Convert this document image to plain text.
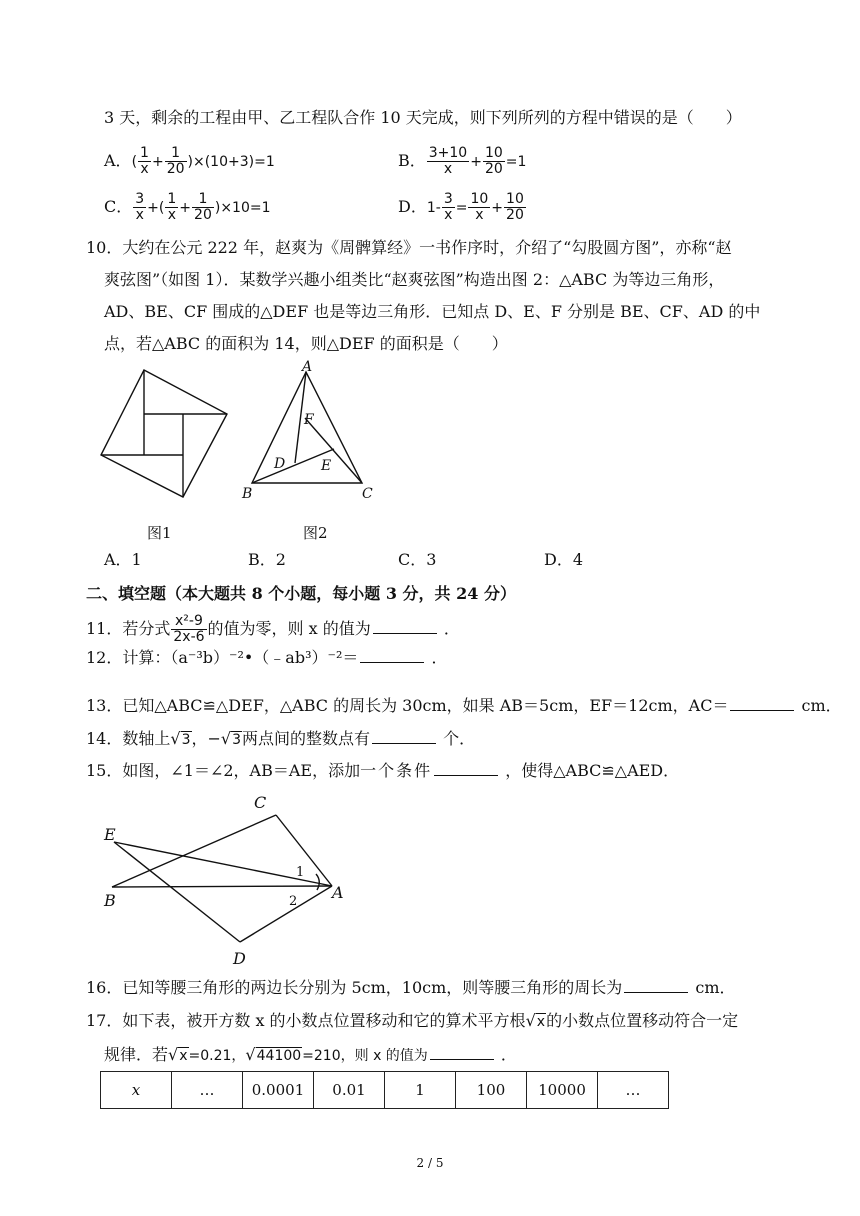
3 天，剩余的工程由甲、乙工程队合作 10 天完成，则下列所列的方程中错误的是（　　）
A．( $\frac{1}{x} + \frac{1}{20} )\times(10+3)=1$	B． $\frac{3+10}{x} + \frac{10}{20} =1$
C． $\frac{3}{x}$ +( $\frac{1}{x} + \frac{1}{20} )\times 10=1$	D．$1- \frac{3}{x} = \frac{10}{x} + \frac{10}{20}$
10．大约在公元 222 年，赵爽为《周髀算经》一书作序时，介绍了“勾股圆方图”，亦称“赵
爽弦图”（如图 1）．某数学兴趣小组类比“赵爽弦图”构造出图 2：△ABC 为等边三角形，
AD、BE、CF 围成的△DEF 也是等边三角形．已知点 D、E、F 分别是 BE、CF、AD 的中
点，若△ABC 的面积为 14，则△DEF 的面积是（　　）
图1
A
B	C
D	E
F
图2
A．1	B．2	C．3	D．4
二、填空题（本大题共 8 个小题，每小题 3 分，共 24 分）
11．若分式 $\frac{\text{x²-9}}{2x-6}$ 的值为零，则 x 的值为	．
12．计算：（a⁻³b）⁻²•（﹣ab³）⁻²＝	．
13．已知△ABC≌△DEF，△ABC 的周长为 30cm，如果 AB＝5cm，EF＝12cm，AC＝	cm．
14．数轴上√3，−√3两点间的整数点有	个．
15．如图，∠1＝∠2，AB＝AE，添加一个条件	，使得△ABC≌△AED．
C
E
B	A
D
1
2
16．已知等腰三角形的两边长分别为 5cm，10cm，则等腰三角形的周长为	cm．
17．如下表，被开方数 x 的小数点位置移动和它的算术平方根√x的小数点位置移动符合一定
规律．若√x=0.21，√44100=210，则 x 的值为	．
x	…	0.0001	0.01	1	100	10000	…
2 / 5
